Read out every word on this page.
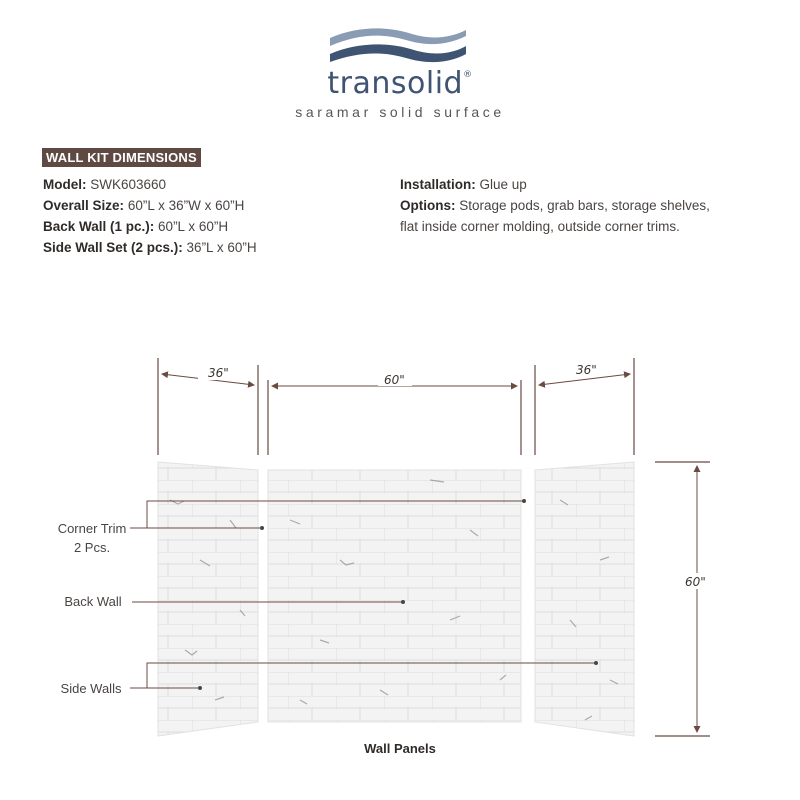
transolid®
saramar solid surface
WALL KIT DIMENSIONS
Model: SWK603660
Overall Size: 60”L x 36”W x 60”H
Back Wall (1 pc.): 60”L x 60”H
Side Wall Set (2 pcs.): 36”L x 60”H
Installation: Glue up
Options: Storage pods, grab bars, storage shelves, flat inside corner molding, outside corner trims.
36"	60"
36"
60"
Corner Trim
2 Pcs.
Back Wall
Side Walls
Wall Panels
